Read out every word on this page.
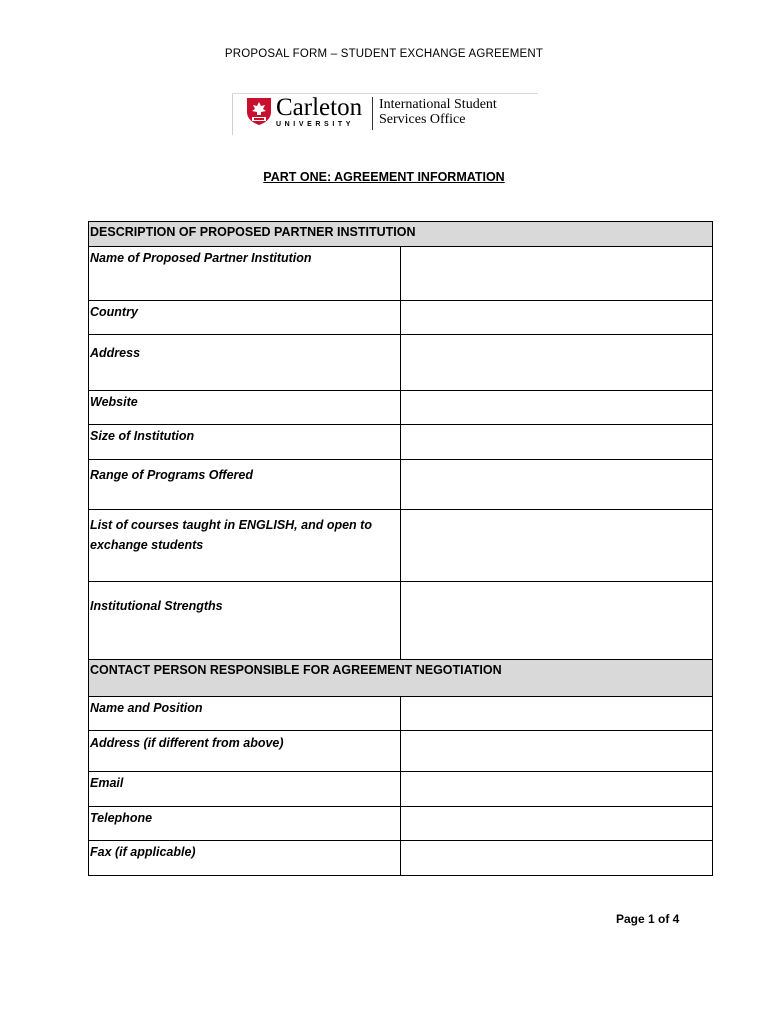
PROPOSAL FORM – STUDENT EXCHANGE AGREEMENT
Carleton
UNIVERSITY
International Student
Services Office
PART ONE: AGREEMENT INFORMATION
DESCRIPTION OF PROPOSED PARTNER INSTITUTION	
Name of Proposed Partner Institution	
Country	
Address	
Website	
Size of Institution	
Range of Programs Offered	
List of courses taught in ENGLISH, and open to exchange students	
Institutional Strengths	
CONTACT PERSON RESPONSIBLE FOR AGREEMENT NEGOTIATION	
Name and Position	
Address (if different from above)	
Email	
Telephone	
Fax (if applicable)	
Page 1 of 4
